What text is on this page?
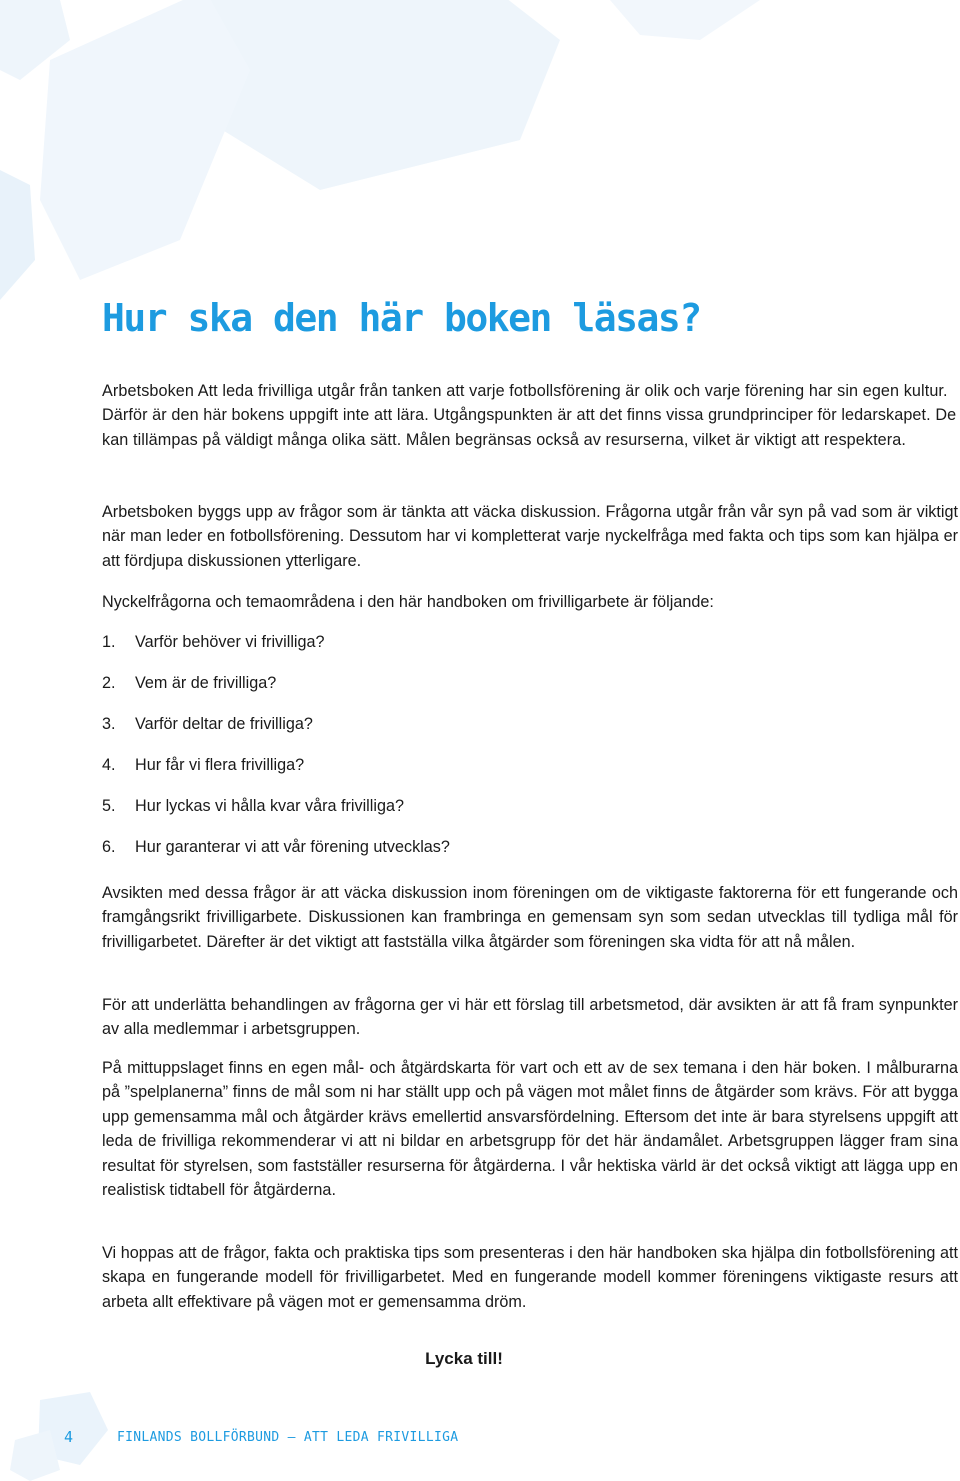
Hur ska den här boken läsas?

Arbetsboken Att leda frivilliga utgår från tanken att varje fotbollsförening är olik och varje förening har sin egen kultur. Därför är den här bokens uppgift inte att lära. Utgångspunkten är att det finns vissa grundprinciper för ledarskapet. De kan tillämpas på väldigt många olika sätt. Målen begränsas också av resurserna, vilket är viktigt att respektera.

Arbetsboken byggs upp av frågor som är tänkta att väcka diskussion. Frågorna utgår från vår syn på vad som är viktigt när man leder en fotbollsförening. Dessutom har vi kompletterat varje nyckelfråga med fakta och tips som kan hjälpa er att fördjupa diskussionen ytterligare.

Nyckelfrågorna och temaområdena i den här handboken om frivilligarbete är följande:

1.	Varför behöver vi frivilliga?
2.	Vem är de frivilliga?
3.	Varför deltar de frivilliga?
4.	Hur får vi flera frivilliga?
5.	Hur lyckas vi hålla kvar våra frivilliga?
6.	Hur garanterar vi att vår förening utvecklas?

Avsikten med dessa frågor är att väcka diskussion inom föreningen om de viktigaste faktorerna för ett fungerande och framgångsrikt frivilligarbete. Diskussionen kan frambringa en gemensam syn som sedan utvecklas till tydliga mål för frivilligarbetet. Därefter är det viktigt att fastställa vilka åtgärder som föreningen ska vidta för att nå målen.

För att underlätta behandlingen av frågorna ger vi här ett förslag till arbetsmetod, där avsikten är att få fram synpunkter av alla medlemmar i arbetsgruppen.

På mittuppslaget finns en egen mål- och åtgärdskarta för vart och ett av de sex temana i den här boken. I målburarna på ”spelplanerna” finns de mål som ni har ställt upp och på vägen mot målet finns de åtgärder som krävs. För att bygga upp gemensamma mål och åtgärder krävs emellertid ansvarsfördelning. Eftersom det inte är bara styrelsens uppgift att leda de frivilliga rekommenderar vi att ni bildar en arbetsgrupp för det här ändamålet. Arbetsgruppen lägger fram sina resultat för styrelsen, som fastställer resurserna för åtgärderna. I vår hektiska värld är det också viktigt att lägga upp en realistisk tidtabell för åtgärderna.

Vi hoppas att de frågor, fakta och praktiska tips som presenteras i den här handboken ska hjälpa din fotbollsförening att skapa en fungerande modell för frivilligarbetet. Med en fungerande modell kommer föreningens viktigaste resurs att arbeta allt effektivare på vägen mot er gemensamma dröm.

Lycka till!

4	FINLANDS BOLLFÖRBUND — ATT LEDA FRIVILLIGA
